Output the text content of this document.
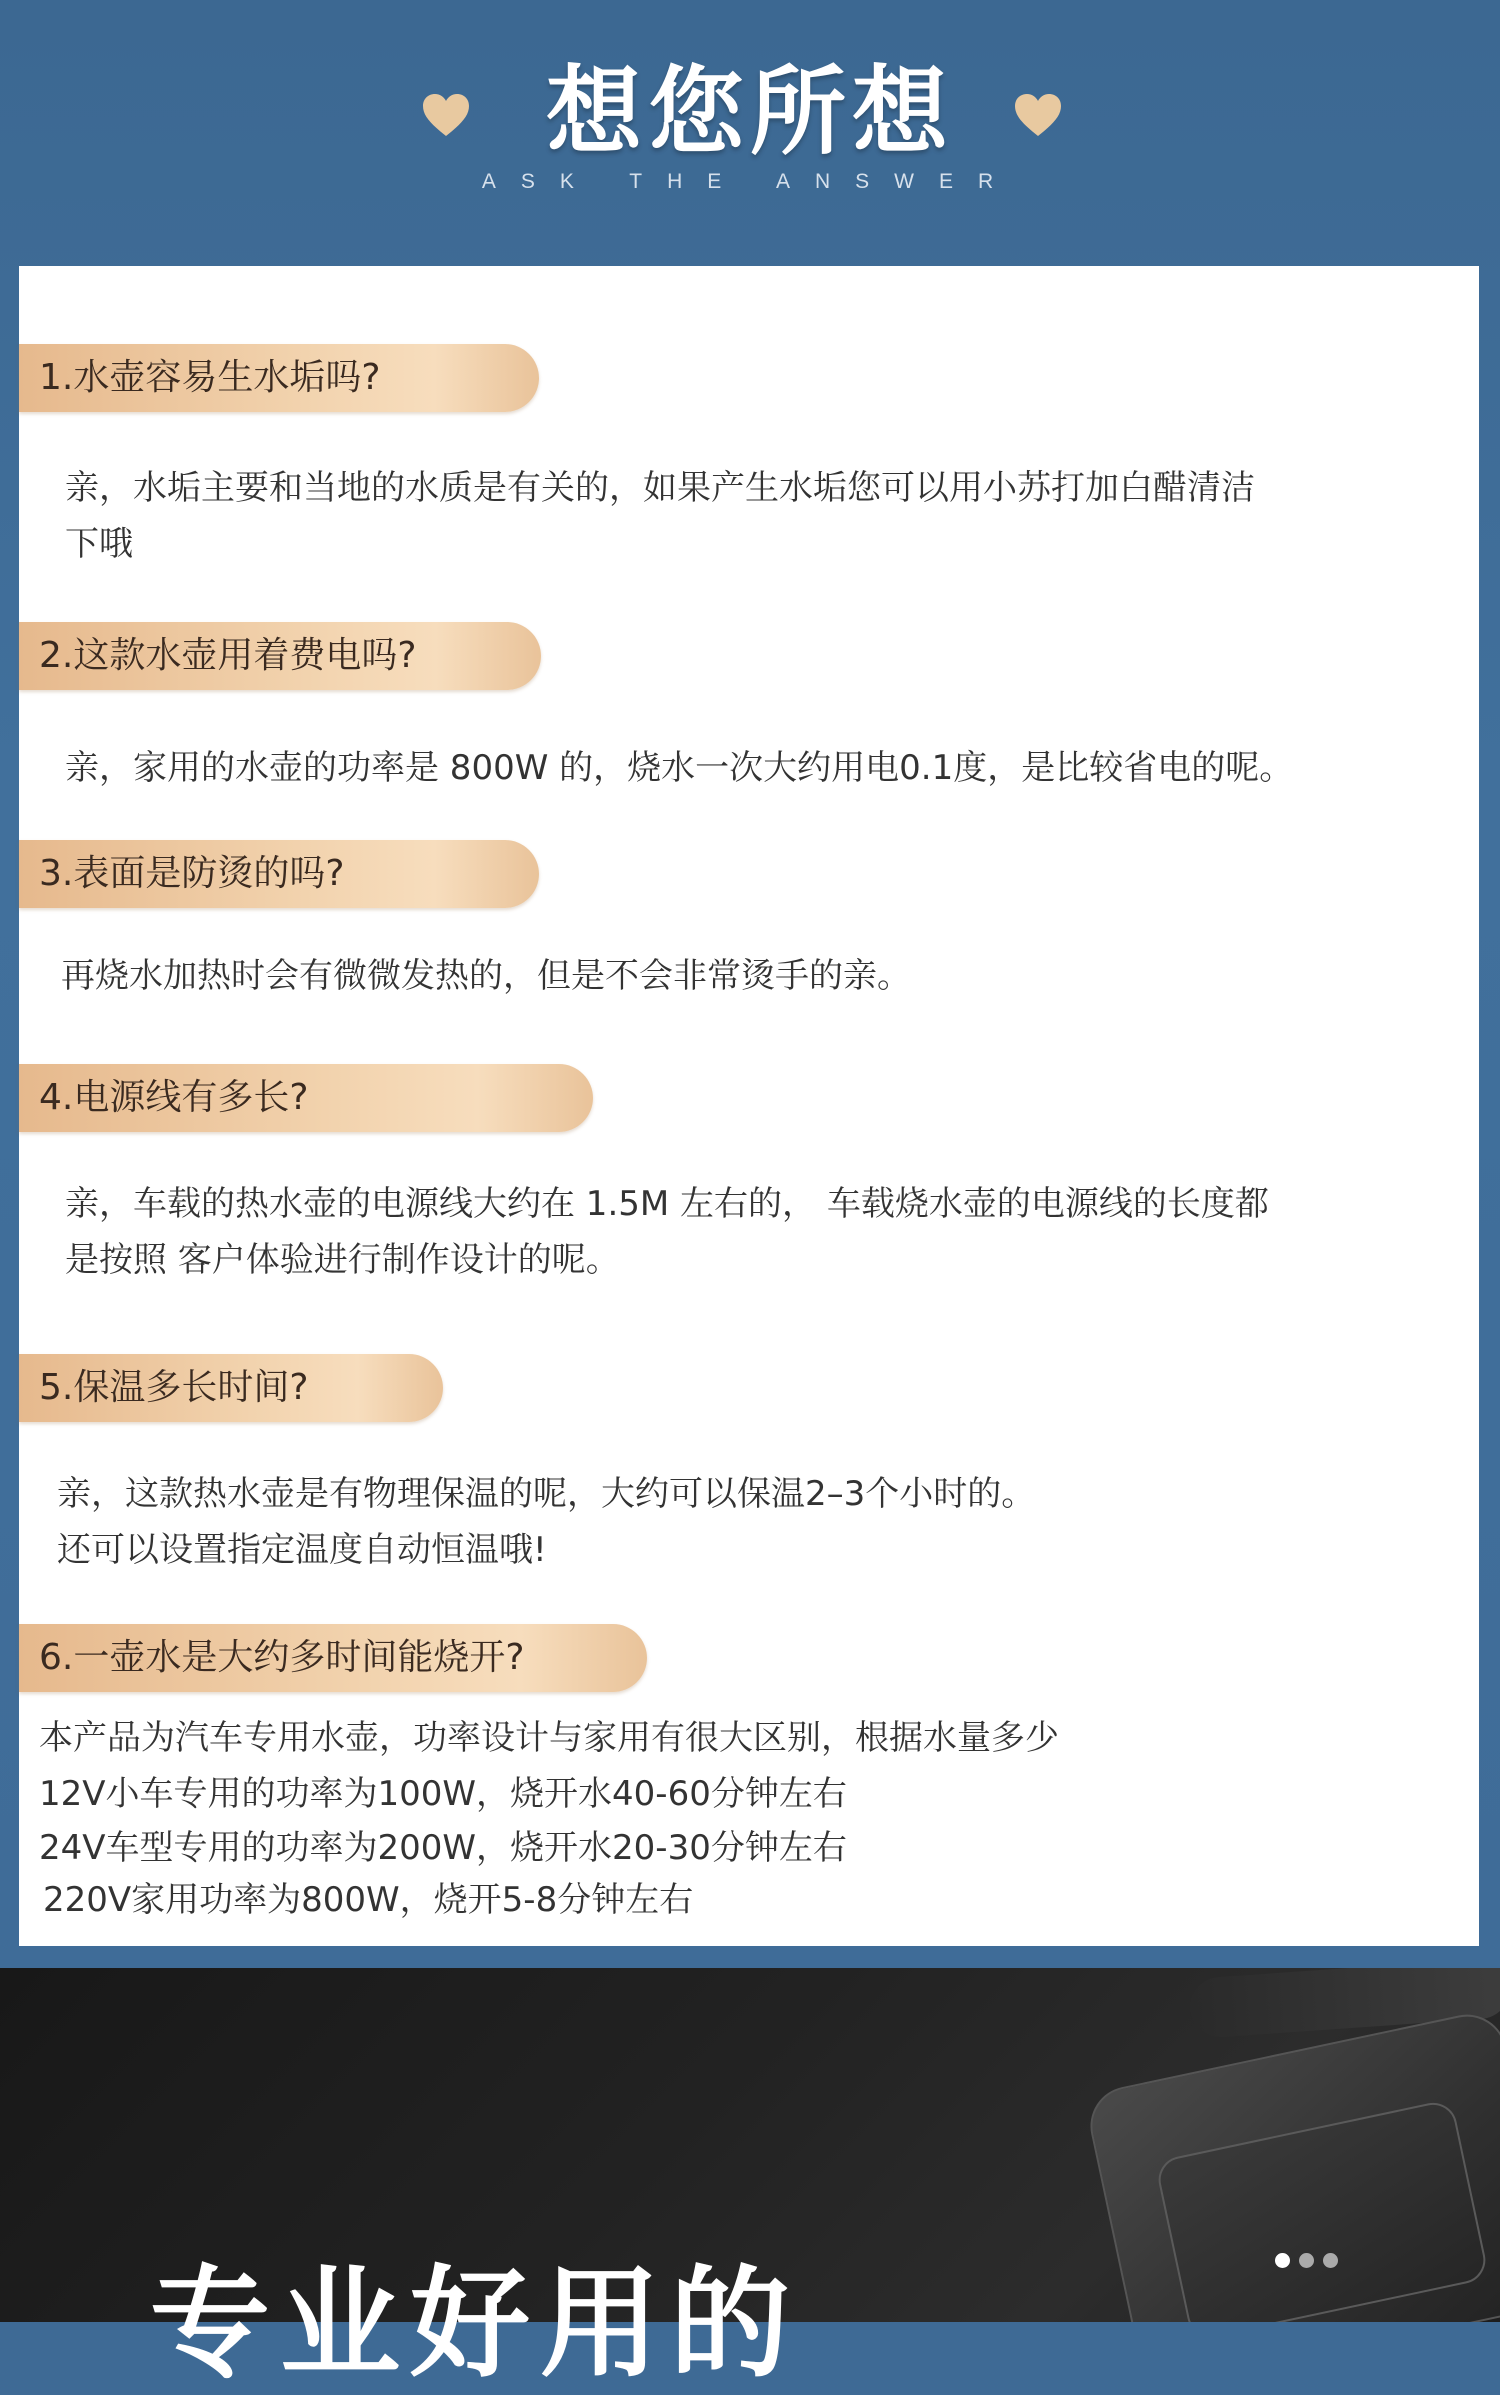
想您所想
ASK THE ANSWER
1.水壶容易生水垢吗?
亲，水垢主要和当地的水质是有关的，如果产生水垢您可以用小苏打加白醋清洁
下哦
2.这款水壶用着费电吗?
亲，家用的水壶的功率是 800W 的，烧水一次大约用电0.1度，是比较省电的呢。
3.表面是防烫的吗?
再烧水加热时会有微微发热的，但是不会非常烫手的亲。
4.电源线有多长?
亲，车载的热水壶的电源线大约在 1.5M 左右的， 车载烧水壶的电源线的长度都
是按照 客户体验进行制作设计的呢。
5.保温多长时间?
亲，这款热水壶是有物理保温的呢，大约可以保温2–3个小时的。
还可以设置指定温度自动恒温哦!
6.一壶水是大约多时间能烧开?
本产品为汽车专用水壶，功率设计与家用有很大区别，根据水量多少
12V小车专用的功率为100W，烧开水40-60分钟左右
24V车型专用的功率为200W，烧开水20-30分钟左右
220V家用功率为800W，烧开5-8分钟左右
专业好用的
